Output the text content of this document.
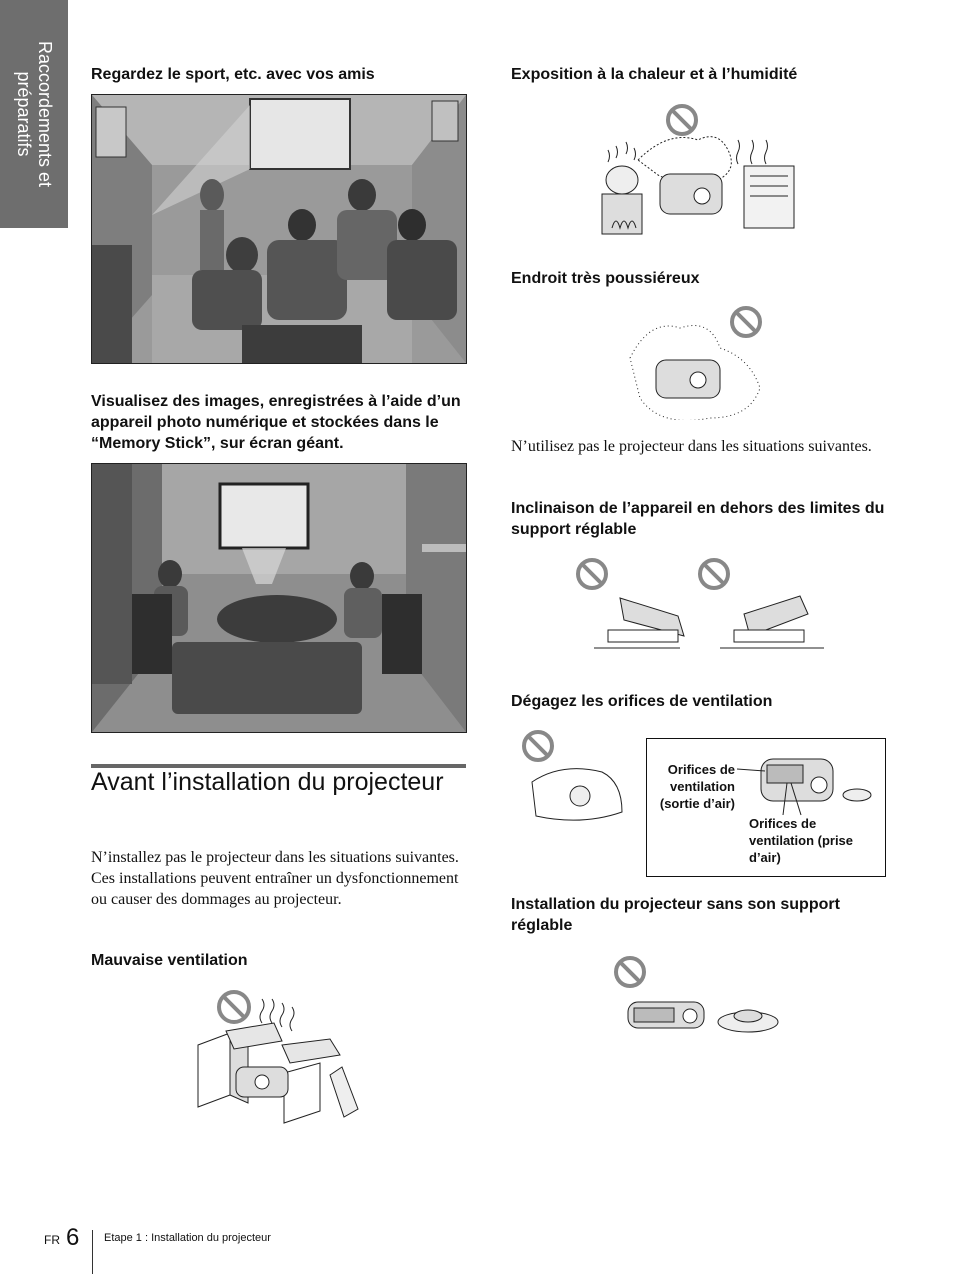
Raccordements et
préparatifs	Regardez le sport, etc. avec vos amis

Visualisez des images, enregistrées à l’aide d’un appareil photo numérique et stockées dans le “Memory Stick”, sur écran géant.

Avant l’installation du projecteur

N’installez pas le projecteur dans les situations suivantes. Ces installations peuvent entraîner un dysfonctionnement ou causer des dommages au projecteur.

Mauvaise ventilation

Exposition à la chaleur et à l’humidité

Endroit très poussiéreux

N’utilisez pas le projecteur dans les situations suivantes.

Inclinaison de l’appareil en dehors des limites du support réglable

Dégagez les orifices de ventilation

Orifices de ventilation (sortie d’air)
Orifices de ventilation (prise d’air)

Installation du projecteur sans son support réglable

FR 6 Etape 1 : Installation du projecteur
